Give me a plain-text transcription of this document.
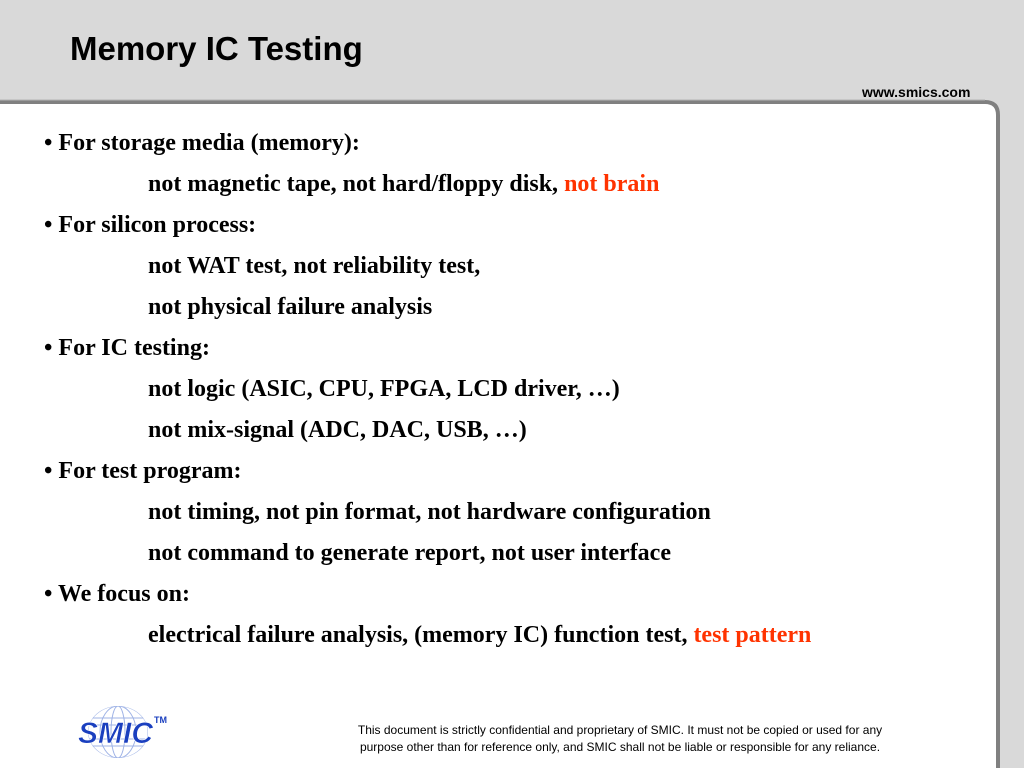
Memory IC Testing
www.smics.com
• For storage media (memory):
not magnetic tape, not hard/floppy disk, not brain
• For silicon process:
not WAT test, not reliability test,
not physical failure analysis
• For IC testing:
not logic (ASIC, CPU, FPGA, LCD driver, …)
not mix-signal (ADC, DAC, USB, …)
• For test program:
not timing, not pin format, not hardware configuration
not command to generate report, not user interface
• We focus on:
electrical failure analysis, (memory IC) function test, test pattern
SMIC TM
This document is strictly confidential and proprietary of SMIC. It must not be copied or used for any
purpose other than for reference only, and SMIC shall not be liable or responsible for any reliance.
